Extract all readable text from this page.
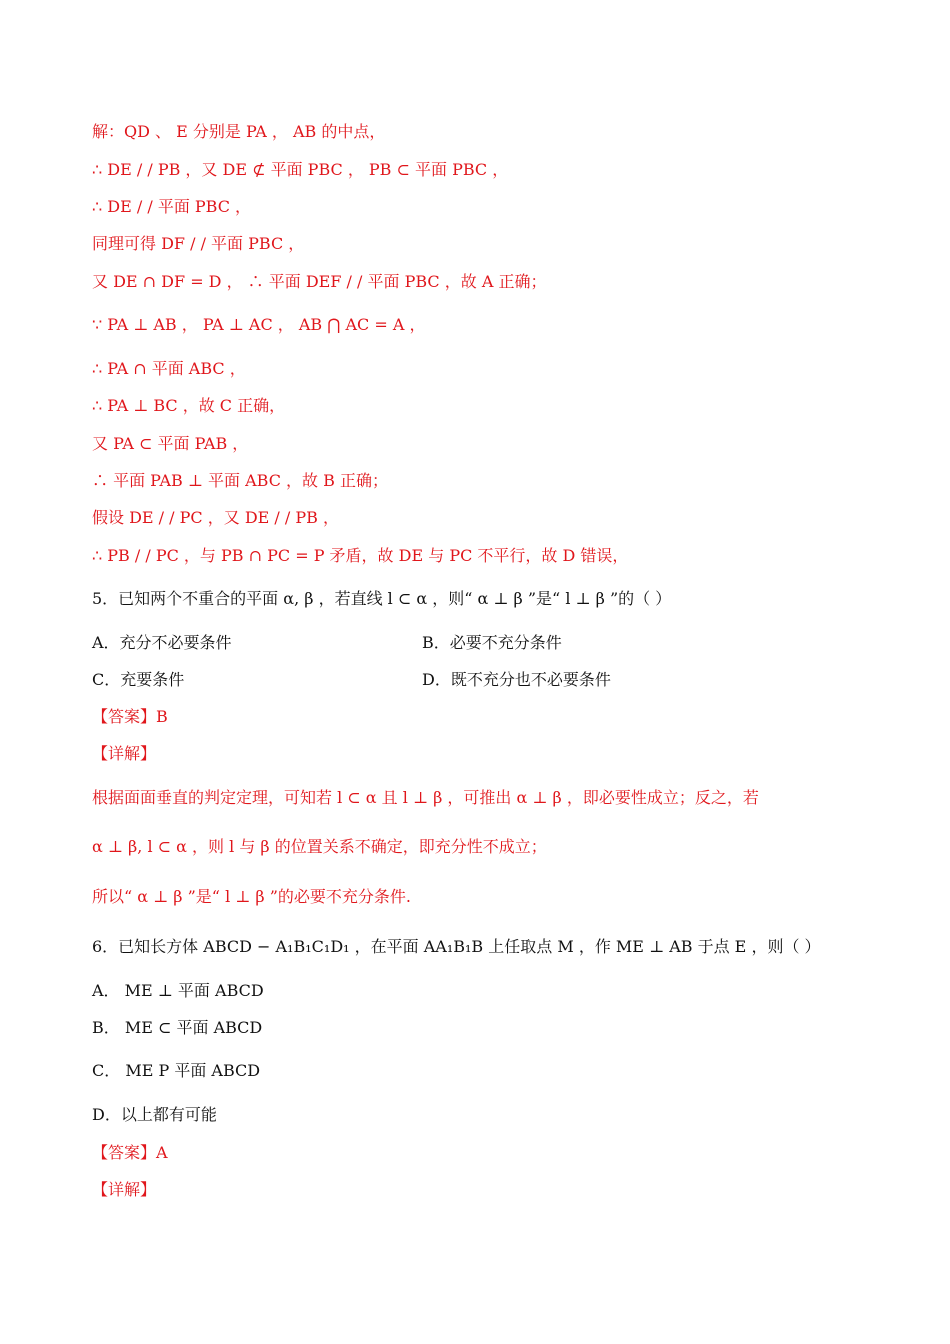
解：QD 、 E 分别是 PA ， AB 的中点，
∴ DE / / PB ，又 DE ⊄ 平面 PBC ， PB ⊂ 平面 PBC ，
∴ DE / / 平面 PBC ，
同理可得 DF / / 平面 PBC ，
又 DE ∩ DF = D ， ∴ 平面 DEF / / 平面 PBC ，故 A 正确；
∵ PA ⊥ AB ， PA ⊥ AC ， AB ⋂ AC = A ，
∴ PA ∩ 平面 ABC ，
∴ PA ⊥ BC ，故 C 正确，
又 PA ⊂ 平面 PAB ，
∴ 平面 PAB ⊥ 平面 ABC ，故 B 正确；
假设 DE / / PC ，又 DE / / PB ，
∴ PB / / PC ，与 PB ∩ PC = P 矛盾，故 DE 与 PC 不平行，故 D 错误，
5．已知两个不重合的平面 α, β ，若直线 l ⊂ α ，则“ α ⊥ β ”是“ l ⊥ β ”的（ ）
A．充分不必要条件	B．必要不充分条件
C．充要条件	D．既不充分也不必要条件
【答案】B
【详解】
根据面面垂直的判定定理，可知若 l ⊂ α 且 l ⊥ β ，可推出 α ⊥ β ，即必要性成立；反之，若
α ⊥ β, l ⊂ α ，则 l 与 β 的位置关系不确定，即充分性不成立；
所以“ α ⊥ β ”是“ l ⊥ β ”的必要不充分条件.
6．已知长方体 ABCD − A₁B₁C₁D₁ ，在平面 AA₁B₁B 上任取点 M ，作 ME ⊥ AB 于点 E ，则（ ）
A． ME ⊥ 平面 ABCD
B． ME ⊂ 平面 ABCD
C． ME P 平面 ABCD
D．以上都有可能
【答案】A
【详解】
